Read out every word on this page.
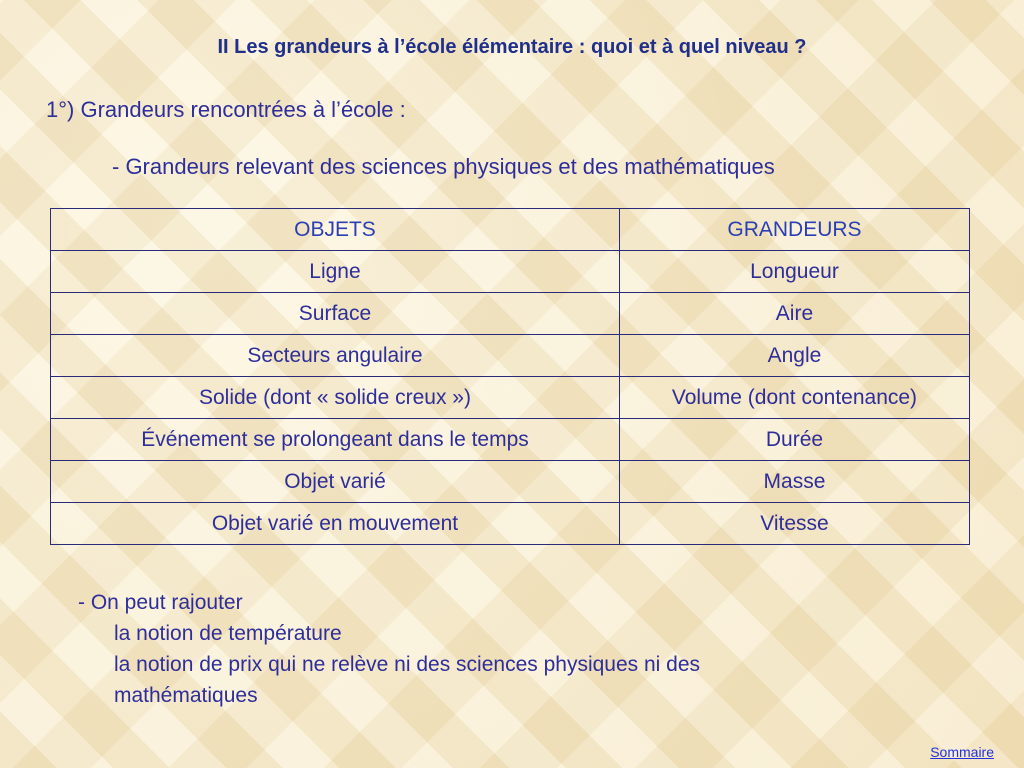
II Les grandeurs à l’école élémentaire : quoi et à quel niveau ?
1°) Grandeurs rencontrées à l’école :
- Grandeurs relevant des sciences physiques et des mathématiques
OBJETS	GRANDEURS
Ligne	Longueur
Surface	Aire
Secteurs angulaire	Angle
Solide (dont « solide creux »)	Volume (dont contenance)
Événement se prolongeant dans le temps	Durée
Objet varié	Masse
Objet varié en mouvement	Vitesse
- On peut rajouter
la notion de température
la notion de prix qui ne relève ni des sciences physiques ni des
mathématiques
Sommaire
